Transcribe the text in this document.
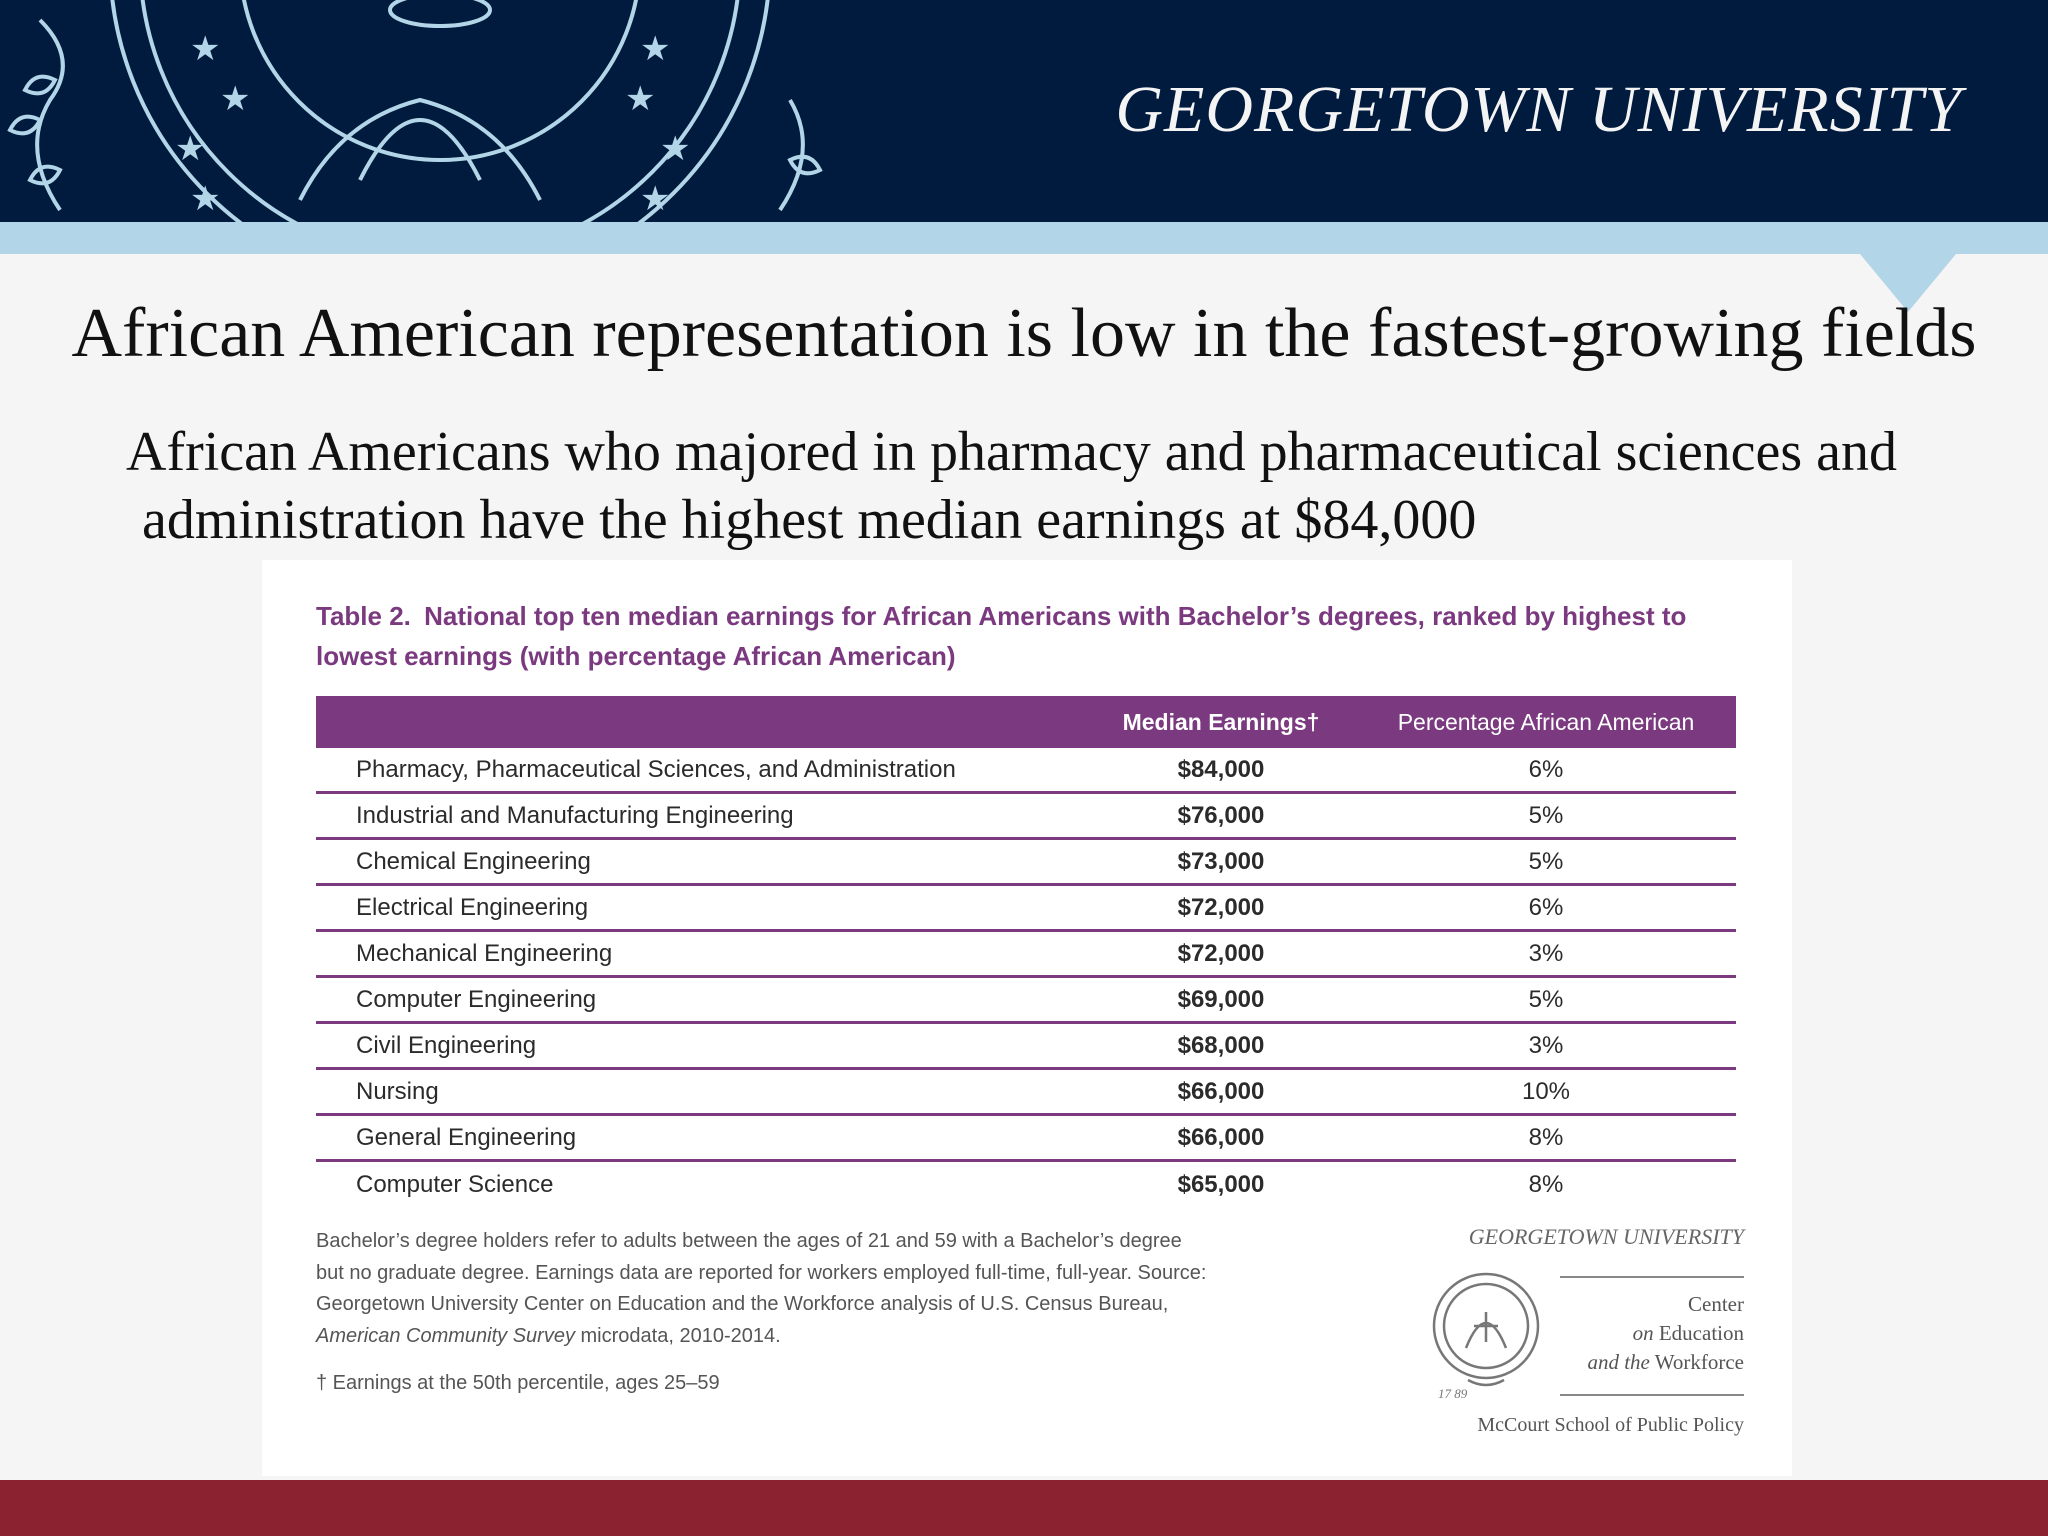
★
★
★
★
★
★
★
★
GEORGETOWN UNIVERSITY
African American representation is low in the fastest-growing fields
African Americans who majored in pharmacy and pharmaceutical sciences and
administration have the highest median earnings at $84,000
Table 2. National top ten median earnings for African Americans with Bachelor’s degrees, ranked by highest to lowest earnings (with percentage African American)
Median Earnings†	Percentage African American
Pharmacy, Pharmaceutical Sciences, and Administration	$84,000	6%
Industrial and Manufacturing Engineering	$76,000	5%
Chemical Engineering	$73,000	5%
Electrical Engineering	$72,000	6%
Mechanical Engineering	$72,000	3%
Computer Engineering	$69,000	5%
Civil Engineering	$68,000	3%
Nursing	$66,000	10%
General Engineering	$66,000	8%
Computer Science	$65,000	8%
Bachelor’s degree holders refer to adults between the ages of 21 and 59 with a Bachelor’s degree
but no graduate degree. Earnings data are reported for workers employed full-time, full-year. Source:
Georgetown University Center on Education and the Workforce analysis of U.S. Census Bureau,
American Community Survey microdata, 2010-2014.
† Earnings at the 50th percentile, ages 25–59
GEORGETOWN UNIVERSITY
17 89
Center
on Education
and the Workforce
McCourt School of Public Policy
